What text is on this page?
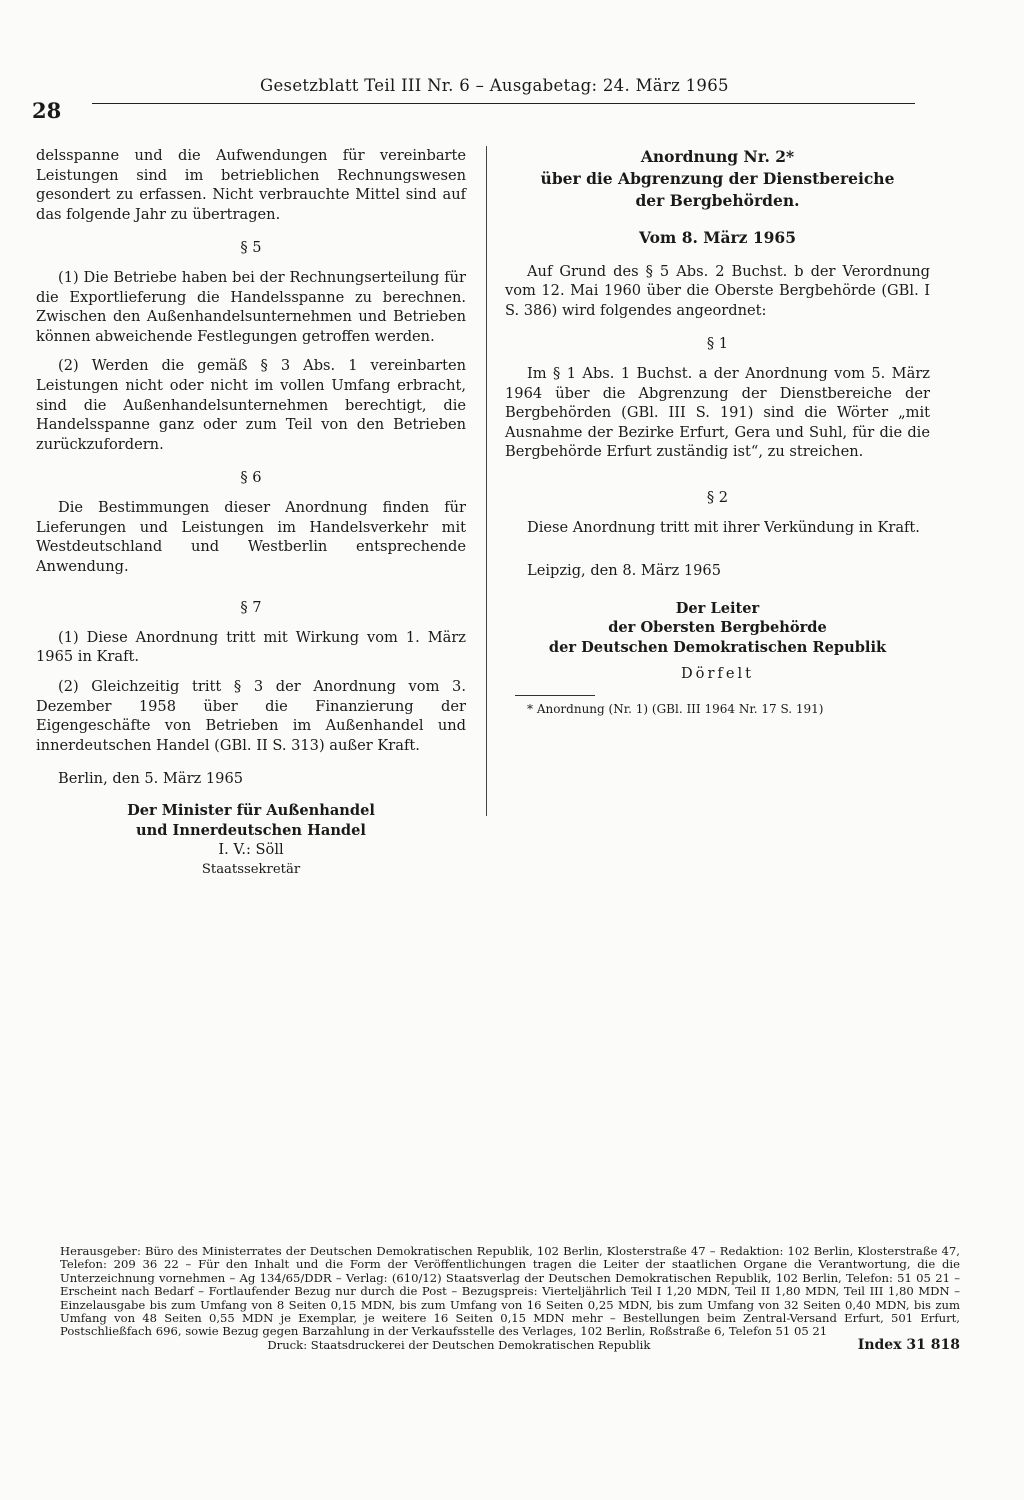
28
Gesetzblatt Teil III Nr. 6 – Ausgabetag: 24. März 1965

delsspanne und die Aufwendungen für vereinbarte Leistungen sind im betrieblichen Rechnungswesen gesondert zu erfassen. Nicht verbrauchte Mittel sind auf das folgende Jahr zu übertragen.

§ 5

(1) Die Betriebe haben bei der Rechnungserteilung für die Exportlieferung die Handelsspanne zu berechnen. Zwischen den Außenhandelsunternehmen und Betrieben können abweichende Festlegungen getroffen werden.

(2) Werden die gemäß § 3 Abs. 1 vereinbarten Leistungen nicht oder nicht im vollen Umfang erbracht, sind die Außenhandelsunternehmen berechtigt, die Handelsspanne ganz oder zum Teil von den Betrieben zurückzufordern.

§ 6

Die Bestimmungen dieser Anordnung finden für Lieferungen und Leistungen im Handelsverkehr mit Westdeutschland und Westberlin entsprechende Anwendung.

§ 7

(1) Diese Anordnung tritt mit Wirkung vom 1. März 1965 in Kraft.

(2) Gleichzeitig tritt § 3 der Anordnung vom 3. Dezember 1958 über die Finanzierung der Eigengeschäfte von Betrieben im Außenhandel und innerdeutschen Handel (GBl. II S. 313) außer Kraft.

Berlin, den 5. März 1965

Der Minister für Außenhandel

und Innerdeutschen Handel

I. V.: Söll

Staatssekretär

Anordnung Nr. 2*

über die Abgrenzung der Dienstbereiche

der Bergbehörden.

Vom 8. März 1965

Auf Grund des § 5 Abs. 2 Buchst. b der Verordnung vom 12. Mai 1960 über die Oberste Bergbehörde (GBl. I S. 386) wird folgendes angeordnet:

§ 1

Im § 1 Abs. 1 Buchst. a der Anordnung vom 5. März 1964 über die Abgrenzung der Dienstbereiche der Bergbehörden (GBl. III S. 191) sind die Wörter „mit Ausnahme der Bezirke Erfurt, Gera und Suhl, für die die Bergbehörde Erfurt zuständig ist“, zu streichen.

§ 2

Diese Anordnung tritt mit ihrer Verkündung in Kraft.

Leipzig, den 8. März 1965

Der Leiter

der Obersten Bergbehörde

der Deutschen Demokratischen Republik

Dörfelt

* Anordnung (Nr. 1) (GBl. III 1964 Nr. 17 S. 191)

Herausgeber: Büro des Ministerrates der Deutschen Demokratischen Republik, 102 Berlin, Klosterstraße 47 – Redaktion: 102 Berlin, Klosterstraße 47, Telefon: 209 36 22 – Für den Inhalt und die Form der Veröffentlichungen tragen die Leiter der staatlichen Organe die Verantwortung, die die Unterzeichnung vornehmen – Ag 134/65/DDR – Verlag: (610/12) Staatsverlag der Deutschen Demokratischen Republik, 102 Berlin, Telefon: 51 05 21 – Erscheint nach Bedarf – Fortlaufender Bezug nur durch die Post – Bezugspreis: Vierteljährlich Teil I 1,20 MDN, Teil II 1,80 MDN, Teil III 1,80 MDN – Einzelausgabe bis zum Umfang von 8 Seiten 0,15 MDN, bis zum Umfang von 16 Seiten 0,25 MDN, bis zum Umfang von 32 Seiten 0,40 MDN, bis zum Umfang von 48 Seiten 0,55 MDN je Exemplar, je weitere 16 Seiten 0,15 MDN mehr – Bestellungen beim Zentral-Versand Erfurt, 501 Erfurt, Postschließfach 696, sowie Bezug gegen Barzahlung in der Verkaufsstelle des Verlages, 102 Berlin, Roßstraße 6, Telefon 51 05 21

Druck: Staatsdruckerei der Deutschen Demokratischen Republik	Index 31 818
